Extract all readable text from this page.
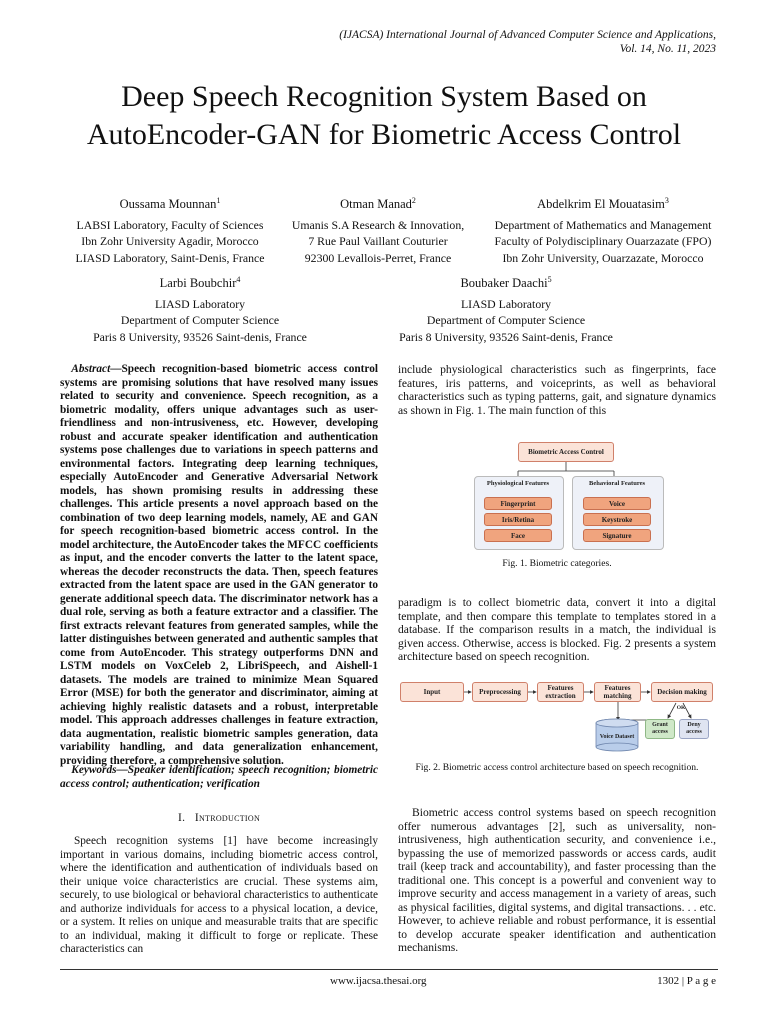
(IJACSA) International Journal of Advanced Computer Science and Applications,
Vol. 14, No. 11, 2023
Deep Speech Recognition System Based on
AutoEncoder-GAN for Biometric Access Control
Oussama Mounnan$^1$
LABSI Laboratory, Faculty of Sciences
Ibn Zohr University Agadir, Morocco
LIASD Laboratory, Saint-Denis, France
Otman Manad$^2$
Umanis S.A Research & Innovation,
7 Rue Paul Vaillant Couturier
92300 Levallois-Perret, France
Abdelkrim El Mouatasim$^3$
Department of Mathematics and Management
Faculty of Polydisciplinary Ouarzazate (FPO)
Ibn Zohr University, Ouarzazate, Morocco
Larbi Boubchir$^4$
LIASD Laboratory
Department of Computer Science
Paris 8 University, 93526 Saint-denis, France
Boubaker Daachi$^5$
LIASD Laboratory
Department of Computer Science
Paris 8 University, 93526 Saint-denis, France
 Abstract—Speech recognition-based biometric access control systems are promising solutions that have resolved many issues related to security and convenience. Speech recognition, as a biometric modality, offers unique advantages such as user-friendliness and non-intrusiveness, etc. However, developing robust and accurate speaker identification and authentication systems pose challenges due to variations in speech patterns and environmental factors. Integrating deep learning techniques, especially AutoEncoder and Generative Adversarial Network models, has shown promising results in addressing these challenges. This article presents a novel approach based on the combination of two deep learning models, namely, AE and GAN for speech recognition-based biometric access control. In the model architecture, the AutoEncoder takes the MFCC coefficients as input, and the encoder converts the latter to the latent space, whereas the decoder reconstructs the data. Then, speech features extracted from the latent space are used in the GAN generator to generate additional speech data. The discriminator network has a dual role, serving as both a feature extractor and a classifier. The first extracts relevant features from generated samples, while the latter distinguishes between generated and authentic samples that come from AutoEncoder. This strategy outperforms DNN and LSTM models on VoxCeleb 2, LibriSpeech, and Aishell-1 datasets. The models are trained to minimize Mean Squared Error (MSE) for both the generator and discriminator, aiming at achieving highly realistic datasets and a robust, interpretable model. This approach addresses challenges in feature extraction, data augmentation, realistic biometric samples generation, data variability handling, and data generalization enhancement, providing therefore, a comprehensive solution.
 Keywords—Speaker identification; speech recognition; biometric access control; authentication; verification
I. Introduction
Speech recognition systems [1] have become increasingly important in various domains, including biometric access control, where the identification and authentication of individuals based on their unique voice characteristics are crucial. These systems aim, securely, to use biological or behavioral characteristics to authenticate and authorize individuals for access to a physical location, a device, or a system. It relies on unique and measurable traits that are specific to an individual, making it difficult to forge or replicate. These characteristics can
include physiological characteristics such as fingerprints, face features, iris patterns, and voiceprints, as well as behavioral characteristics such as typing patterns, gait, and signature dynamics as shown in Fig. 1. The main function of this
Biometric Access Control
Physiological Features	Behavioral Features
Fingerprint
Iris/Retina
Face
Voice
Keystroke
Signature
Fig. 1. Biometric categories.
paradigm is to collect biometric data, convert it into a digital template, and then compare this template to templates stored in a database. If the comparison results in a match, the individual is given access. Otherwise, access is blocked. Fig. 2 presents a system architecture based on speech recognition.
Input	Preprocessing	Features extraction
Features matching	Decision making
OK
Voice Dataset
Grant access
Deny access
Fig. 2. Biometric access control architecture based on speech recognition.
Biometric access control systems based on speech recognition offer numerous advantages [2], such as universality, non-intrusiveness, high authentication security, and convenience i.e., bypassing the use of memorized passwords or access cards, audit trail (keep track and accountability), and faster processing than the traditional one. This concept is a powerful and convenient way to improve security and access management in a variety of areas, such as physical facilities, digital systems, and digital transactions. . . etc. However, to achieve reliable and robust performance, it is essential to develop accurate speaker identification and authentication mechanisms.
www.ijacsa.thesai.org	1302 | P a g e
